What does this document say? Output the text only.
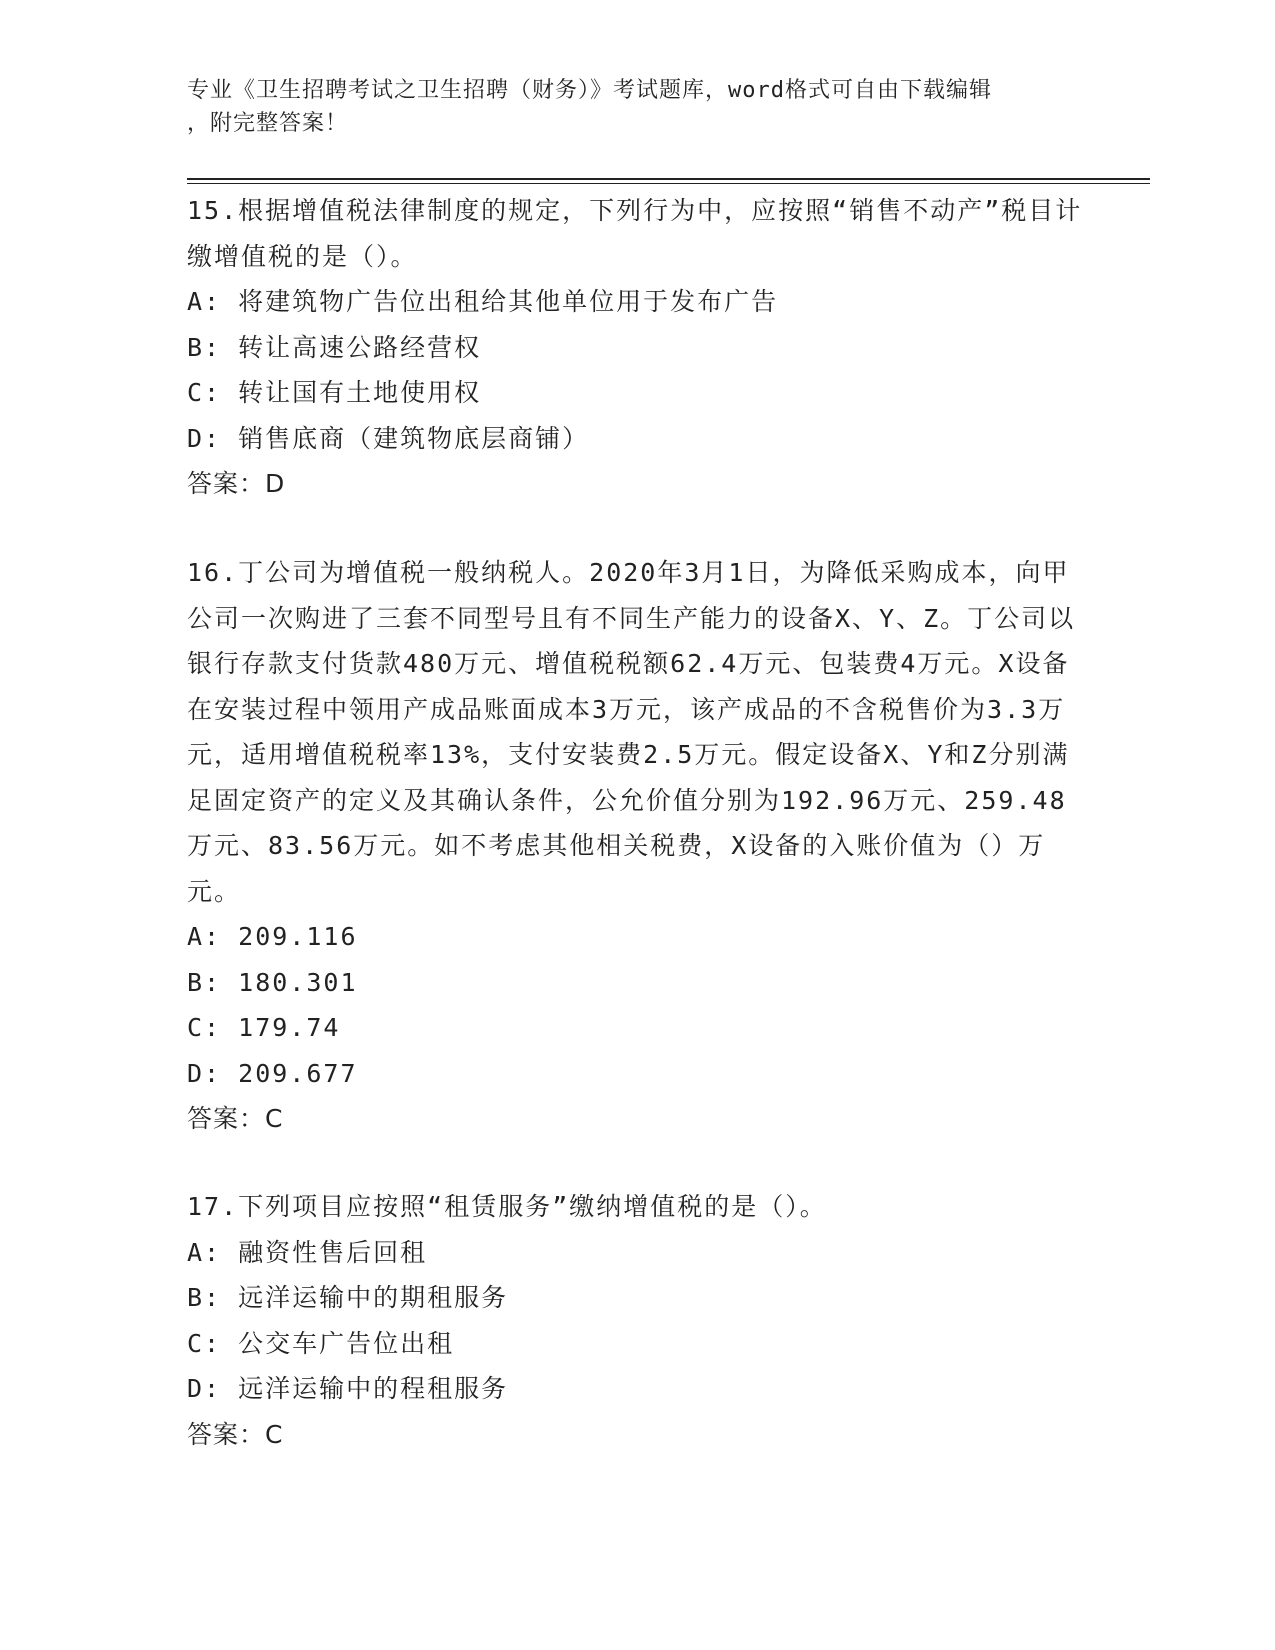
专业《卫生招聘考试之卫生招聘（财务）》考试题库，word格式可自由下载编辑
，附完整答案！
15.根据增值税法律制度的规定，下列行为中，应按照“销售不动产”税目计缴增值税的是（）。
A: 将建筑物广告位出租给其他单位用于发布广告
B: 转让高速公路经营权
C: 转让国有土地使用权
D: 销售底商（建筑物底层商铺）
答案：D
16.丁公司为增值税一般纳税人。2020年3月1日，为降低采购成本，向甲公司一次购进了三套不同型号且有不同生产能力的设备X、Y、Z。丁公司以银行存款支付货款480万元、增值税税额62.4万元、包装费4万元。X设备在安装过程中领用产成品账面成本3万元，该产成品的不含税售价为3.3万元，适用增值税税率13%，支付安装费2.5万元。假定设备X、Y和Z分别满足固定资产的定义及其确认条件，公允价值分别为192.96万元、259.48万元、83.56万元。如不考虑其他相关税费，X设备的入账价值为（）万元。
A: 209.116
B: 180.301
C: 179.74
D: 209.677
答案：C
17.下列项目应按照“租赁服务”缴纳增值税的是（）。
A: 融资性售后回租
B: 远洋运输中的期租服务
C: 公交车广告位出租
D: 远洋运输中的程租服务
答案：C
